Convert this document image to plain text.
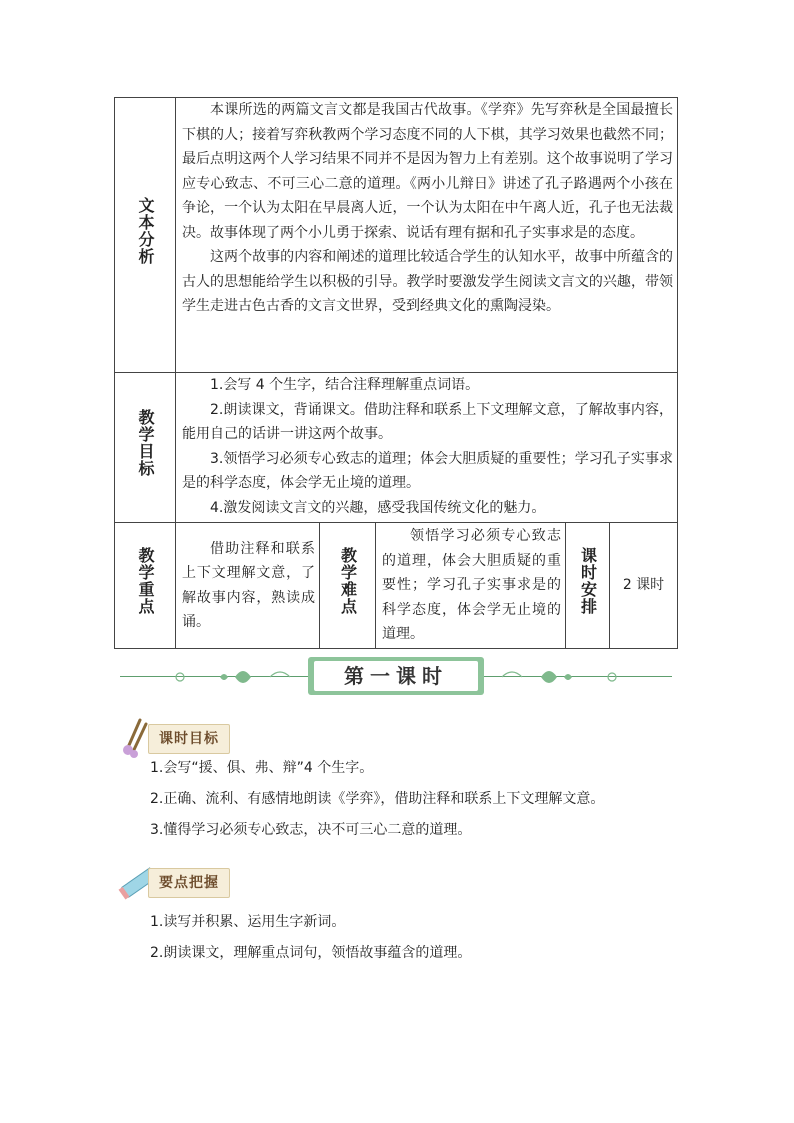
文本分析	本课所选的两篇文言文都是我国古代故事。《学弈》先写弈秋是全国最擅长下棋的人；接着写弈秋教两个学习态度不同的人下棋，其学习效果也截然不同；最后点明这两个人学习结果不同并不是因为智力上有差别。这个故事说明了学习应专心致志、不可三心二意的道理。《两小儿辩日》讲述了孔子路遇两个小孩在争论，一个认为太阳在早晨离人近，一个认为太阳在中午离人近，孔子也无法裁决。故事体现了两个小儿勇于探索、说话有理有据和孔子实事求是的态度。

这两个故事的内容和阐述的道理比较适合学生的认知水平，故事中所蕴含的古人的思想能给学生以积极的引导。教学时要激发学生阅读文言文的兴趣，带领学生走进古色古香的文言文世界，受到经典文化的熏陶浸染。				

教学目标	1.会写 4 个生字，结合注释理解重点词语。

2.朗读课文，背诵课文。借助注释和联系上下文理解文意，了解故事内容，能用自己的话讲一讲这两个故事。

3.领悟学习必须专心致志的道理；体会大胆质疑的重要性；学习孔子实事求是的科学态度，体会学无止境的道理。

4.激发阅读文言文的兴趣，感受我国传统文化的魅力。				

教学重点	借助注释和联系上下文理解文意，了解故事内容，熟读成诵。	教学难点	领悟学习必须专心致志的道理，体会大胆质疑的重要性；学习孔子实事求是的科学态度，体会学无止境的道理。	课时安排	2 课时
第一课时
课时目标
1.会写“援、俱、弗、辩”4 个生字。
2.正确、流利、有感情地朗读《学弈》，借助注释和联系上下文理解文意。
3.懂得学习必须专心致志，决不可三心二意的道理。
要点把握
1.读写并积累、运用生字新词。
2.朗读课文，理解重点词句，领悟故事蕴含的道理。
